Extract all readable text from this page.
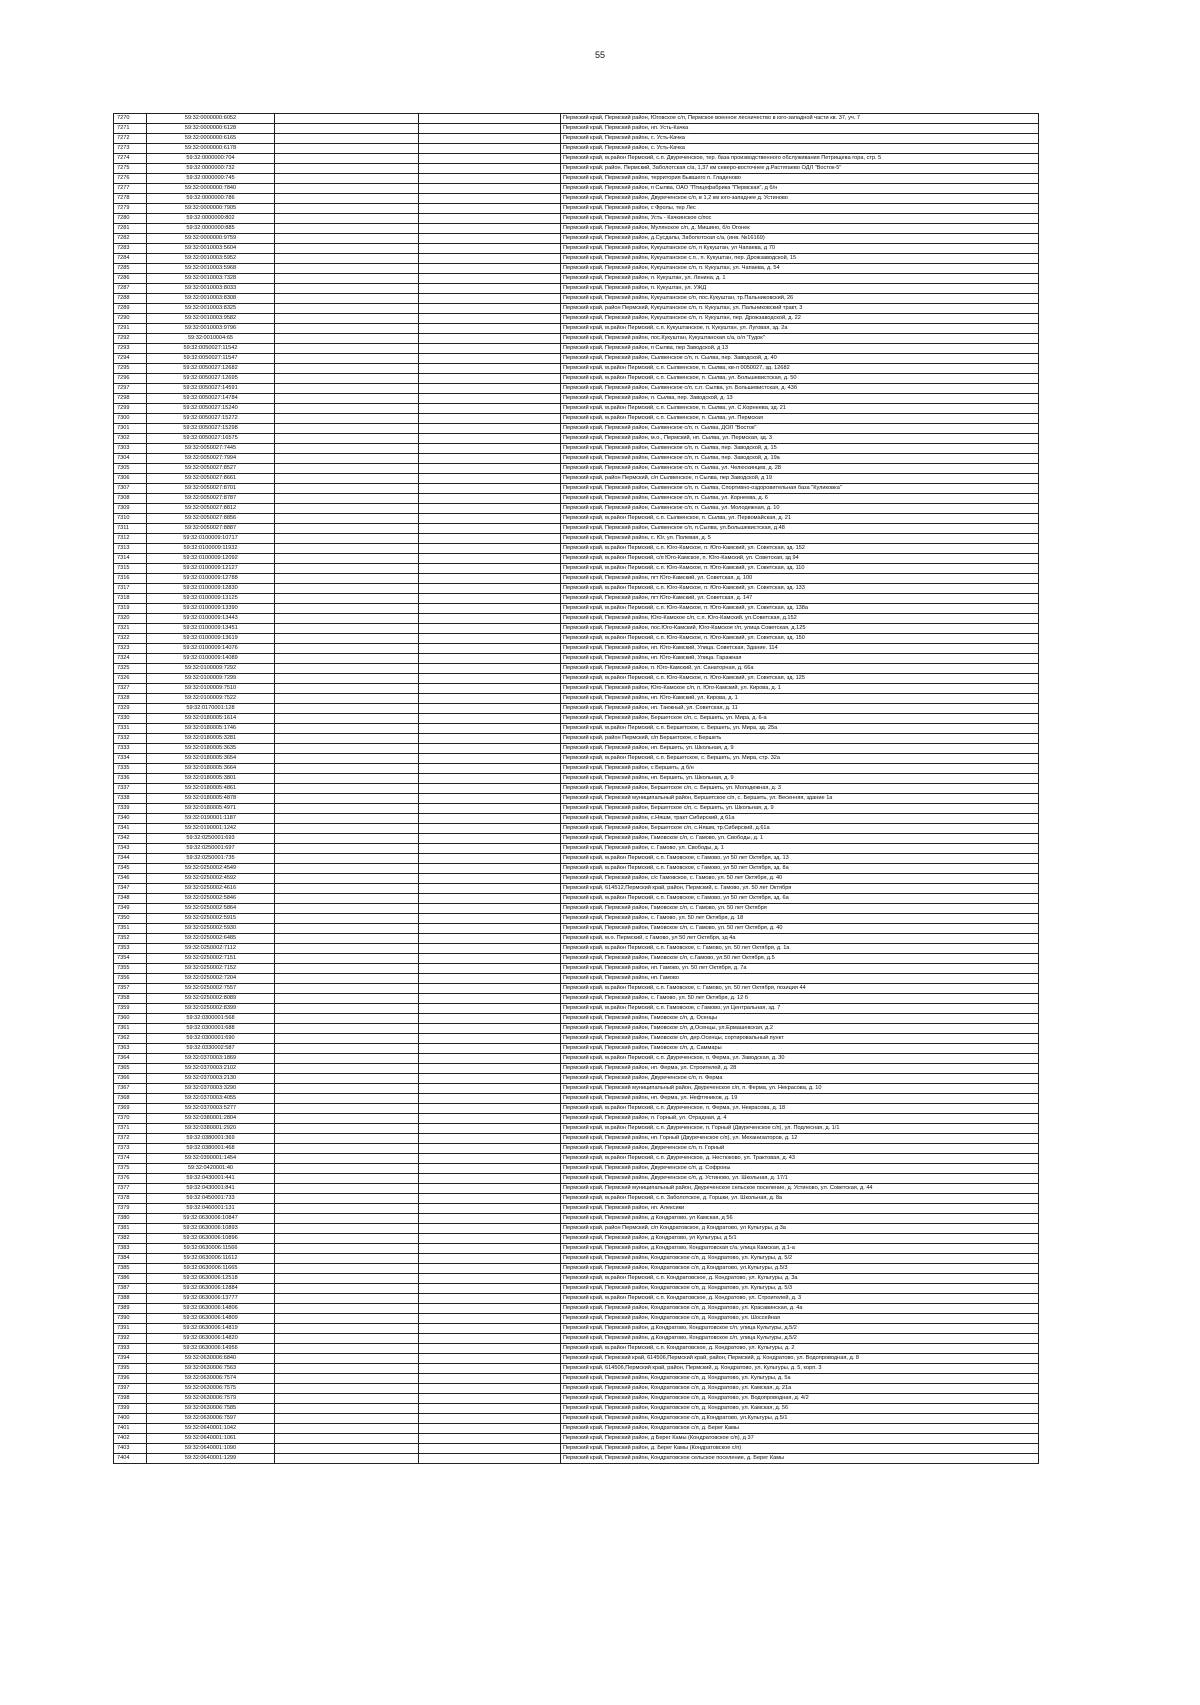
55
7270	59:32:0000000:6052			Пермский край, Пермский район, Юговское с/п, Пермское военное лесничество в юго-западной части кв. 37, уч. 7
7271	59:32:0000000:6128			Пермский край, Пермский район, нп. Усть-Качка
7272	59:32:0000000:6165			Пермский край, Пермский район, с. Усть-Качка
7273	59:32:0000000:6178			Пермский край, Пермский район, с. Усть-Качка
7274	59:32:0000000:704			Пермский край, м.район Пермский, с.п. Двуреченское, тер. база производственного обслуживания Петрищева гора, стр. 5
7275	59:32:0000000:732			Пермский край, район. Пермский, Заболотская с/а, 1,37 км северо-восточнее д.Растягаево ОДЛ "Восток-5"
7276	59:32:0000000:745			Пермский край, Пермский район, территория Бывшего п. Гладеново
7277	59:32:0000000:7840			Пермский край, Пермский район, п Сылва, ОАО "Птицефабрика "Пермская", д б/н
7278	59:32:0000000:786			Пермский край, Пермский район, Двуреченское с/п, в 1,2 км юго-западнее д. Устиново
7279	59:32:0000000:7905			Пермский край, Пермский район, с Фролы, тер Лес
7280	59:32:0000000:802			Пермский край, Пермский район, Усть - Качкинское с/пос
7281	59:32:0000000:885			Пермский край, Пермский район, Мулянское с/п, д. Мишино, б/о Огонек
7282	59:32:0000000:9759			Пермский край, Пермский район, д.Сусдалы, Заболотская с/а, (инв. №16169)
7283	59:32:0010003:5604			Пермский край, Пермский район, Кукуштанское с/п, п Кукуштан, ул Чапаева, д 70
7284	59:32:0010003:5952			Пермский край, Пермский район, Кукуштанское с.п., п. Кукуштан, пер. Дрожзаводской, 15
7285	59:32:0010003:5968			Пермский край, Пермский район, Кукуштанское с/п, п. Кукуштан, ул. Чапаева, д. 54
7286	59:32:0010003:7328			Пермский край, Пермский район, п. Кукуштан, ул. Ленина, д. 1
7287	59:32:0010003:8033			Пермский край, Пермский район, п. Кукуштан, ул. УЖД
7288	59:32:0010003:8308			Пермский край, Пермский район, Кукуштанское с/п, пос.Кукуштан, тр.Пальниковский, 26
7289	59:32:0010003:8325			Пермский край, район Пермский, Кукуштанское с/п, п. Кукуштан, ул. Пальниковский тракт, 3
7290	59:32:0010003:9582			Пермский край, Пермский район, Кукуштанское с/п, п. Кукуштан, пер. Дрожзаводской, д. 22
7291	59:32:0010003:9796			Пермский край, м.район Пермский, с.п. Кукуштанское, п. Кукуштан, ул. Луговая, зд. 2а
7292	59:32:0010004:65			Пермский край, Пермский район, пос.Кукуштан, Кукуштанская с/а, о/л "Гудок"
7293	59:32:0050027:11542			Пермский край, Пермский район, п Сылва, пер Заводской, д 13
7294	59:32:0050027:11547			Пермский край, Пермский район, Сылвенское с/п, п. Сылва, пер. Заводской, д. 40
7295	59:32:0050027:12682			Пермский край, м.район Пермский, с.п. Сылвенское, п. Сылва, кв-л 0050027, зд. 12682
7296	59:32:0050027:12695			Пермский край, м.район Пермский, с.п. Сылвенское, п. Сылва, ул. Большевистская, д. 50
7297	59:32:0050027:14591			Пермский край, Пермский район, Сылвенское с/п, с.п. Сылва, ул. Большевистская, д. 43б
7298	59:32:0050027:14784			Пермский край, Пермский район, п. Сылва, пер. Заводской, д. 13
7299	59:32:0050027:15240			Пермский край, м.район Пермский, с.п. Сылвенское, п. Сылва, ул. С.Корнеева, зд. 21
7300	59:32:0050027:15272			Пермский край, м.район Пермский, с.п. Сылвенское, п. Сылва, ул. Пермская
7301	59:32:0050027:15298			Пермский край, Пермский район, Сылвенское с/п, п. Сылва, ДОЛ "Восток"
7302	59:32:0050027:16575			Пермский край, Пермский район, м.о., Пермский, нп. Сылва, ул. Пермская, зд. 3
7303	59:32:0050027:7445			Пермский край, Пермский район, Сылвенское с/п, п. Сылва, пер. Заводской, д. 15
7304	59:32:0050027:7994			Пермский край, Пермский район, Сылвенское с/п, п. Сылва, пер. Заводской, д. 19а
7305	59:32:0050027:8527			Пермский край, Пермский район, Сылвенское с/п, п. Сылва, ул. Челюскинцев, д. 28
7306	59:32:0050027:8661			Пермский край, район Пермский, с/п Сылвенское, п Сылва, пер Заводской, д 19
7307	59:32:0050027:8701			Пермский край, Пермский район, Сылвенское с/п, п. Сылва, Спортивно-оздоровительная база "Куликовка"
7308	59:32:0050027:8787			Пермский край, Пермский район, Сылвенское с/п, п. Сылва, ул. Корнеева, д. 6
7309	59:32:0050027:8812			Пермский край, Пермский район, Сылвенское с/п, п. Сылва, ул. Молодежная, д. 10
7310	59:32:0050027:8856			Пермский край, м.район Пермский, с.п. Сылвенское, п. Сылва, ул. Первомайская, д. 21
7311	59:32:0050027:8887			Пермский край, Пермский район, Сылвенское с/п, п.Сылва, ул.Большевистская, д.48
7312	59:32:0100009:10717			Пермский край, Пермский район, с. Юг, ул. Полевая, д. 5
7313	59:32:0100009:11932			Пермский край, м.район Пермский, с.п. Юго-Камское, п. Юго-Камский, ул. Советская, зд. 152
7314	59:32:0100009:12092			Пермский край, м.район Пермский, с/п Юго-Камское, п. Юго-Камский, ул. Советская, зд 94
7315	59:32:0100009:12127			Пермский край, м.район Пермский, с.п. Юго-Камское, п. Юго-Камский, ул. Советская, зд. 110
7316	59:32:0100009:12788			Пермский край, Пермский район, пгт Юго-Камский, ул. Советская, д. 100
7317	59:32:0100009:12830			Пермский край, м.район Пермский, с.п. Юго-Камское, п. Юго-Камский, ул. Советская, зд. 133
7318	59:32:0100009:13125			Пермский край, Пермский район, пгт Юго-Камский, ул. Советская, д. 147
7319	59:32:0100009:13390			Пермский край, м.район Пермский, с.п. Юго-Камское, п. Юго-Камский, ул. Советская, зд. 138а
7320	59:32:0100009:13443			Пермский край, Пермский район, Юго-Камское с/п, с.п. Юго-Камский, ул.Советская, д.152
7321	59:32:0100009:13451			Пермский край, Пермский район, пос.Юго-Камский, Юго-Камское г/п, улица Советская, д.125
7322	59:32:0100009:13619			Пермский край, м.район Пермский, с.п. Юго-Камское, п. Юго-Камский, ул. Советская, зд. 150
7323	59:32:0100009:14076			Пермский край, Пермский район, нп. Юго-Камский, Улица. Советская, Здание. 114
7324	59:32:0100009:14089			Пермский край, Пермский район, нп. Юго-Камский, Улица. Гаражная
7325	59:32:0100009:7292			Пермский край, Пермский район, п. Юго-Камский, ул. Санаторная, д. 66а
7326	59:32:0100009:7299			Пермский край, м.район Пермский, с.п. Юго-Камское, п. Юго-Камский, ул. Советская, зд. 125
7327	59:32:0100009:7510			Пермский край, Пермский район, Юго-Камское с/п, п. Юго-Камский, ул. Кирова, д. 1
7328	59:32:0100009:7522			Пермский край, Пермский район, нп. Юго-Камский, ул. Кирова, д. 1
7329	59:32:0170001:128			Пермский край, Пермский район, нп. Таежный, ул. Советская, д. 11
7330	59:32:0180005:1614			Пермский край, Пермский район, Бершетское с/п, с. Бершеть, ул. Мира, д. 6-а
7331	59:32:0180005:1746			Пермский край, м.район Пермский, с.п. Бершетское, с. Бершеть, ул. Мира, зд. 25а
7332	59:32:0180005:3281			Пермский край, район Пермский, с/п Бершетское, с Бершеть
7333	59:32:0180005:3635			Пермский край, Пермский район, нп. Бершеть, ул. Школьная, д. 9
7334	59:32:0180005:3654			Пермский край, м.район Пермский, с.п. Бершетское, с. Бершеть, ул. Мира, стр. 32а
7335	59:32:0180005:3664			Пермский край, Пермский район, с Бершеть, д б/н
7336	59:32:0180005:3801			Пермский край, Пермский район, нп. Бершеть, ул. Школьная, д. 9
7337	59:32:0180005:4861			Пермский край, Пермский район, Бершетское с/п, с. Бершеть, ул. Молодежная, д. 3
7338	59:32:0180005:4878			Пермский край, Пермский муниципальный район, Бершетское с/п, с. Бершеть, ул. Весенняя, здание 1а
7339	59:32:0180005:4971			Пермский край, Пермский район, Бершетское с/п, с. Бершеть, ул. Школьная, д. 9
7340	59:32:0190001:1187			Пермский край, Пермский район, с.Няшм, тракт Сибирский, д 61а
7341	59:32:0190001:1242			Пермский край, Пермский район, Бершетское с/п, с.Няшм, тр.Сибирский, д.61а
7342	59:32:0250001:693			Пермский край, Пермский район, Гамовское с/п, с. Гамово, ул. Свободы, д. 1
7343	59:32:0250001:697			Пермский край, Пермский район, с. Гамово, ул. Свободы, д. 1
7344	59:32:0250001:735			Пермский край, м.район Пермский, с.п. Гамовское, с Гамово, ул 50 лет Октября, зд. 13
7345	59:32:0250002:4549			Пермский край, м.район Пермский, с.п. Гамовское, с Гамово, ул 50 лет Октября, зд. 8а
7346	59:32:0250002:4592			Пермский край, Пермский район, с/с Гамовское, с. Гамово, ул. 50 лет Октября, д. 40
7347	59:32:0250002:4616			Пермский край, 614512,Пермский край, район, Пермский, с. Гамово, ул. 50 лет Октября
7348	59:32:0250002:5846			Пермский край, м.район Пермский, с.п. Гамовское, с Гамово, ул 50 лет Октября, зд. 6а
7349	59:32:0250002:5864			Пермский край, Пермский район, Гамовское с/п, с. Гамово, ул. 50 лет Октября
7350	59:32:0250002:5915			Пермский край, Пермский район, с. Гамово, ул. 50 лет Октября, д. 18
7351	59:32:0250002:5930			Пермский край, Пермский район, Гамовское с/п, с. Гамово, ул. 50 лет Октября, д. 40
7352	59:32:0250002:6485			Пермский край, м.о. Пермский, с Гамово, ул 50 лет Октября, зд 4а
7353	59:32:0250002:7112			Пермский край, м.район Пермский, с.п. Гамовское, с. Гамово, ул. 50 лет Октября, д. 1а
7354	59:32:0250002:7151			Пермский край, Пермский район, Гамовское с/п, с.Гамово, ул.50 лет Октября, д.5
7355	59:32:0250002:7152			Пермский край, Пермский район, нп. Гамово, ул. 50 лет Октября, д. 7а
7356	59:32:0250002:7204			Пермский край, Пермский район, нп. Гамово
7357	59:32:0250002:7557			Пермский край, м.район Пермский, с.п. Гамовское, с. Гамово, ул. 50 лет Октября, позиция 44
7358	59:32:0250002:8089			Пермский край, Пермский район, с. Гамово, ул. 50 лет Октября, д. 12 б
7359	59:32:0250002:8399			Пермский край, м.район Пермский, с.п. Гамовское, с Гамово, ул Центральная, зд. 7
7360	59:32:0300001:568			Пермский край, Пермский район, Гамовское с/п, д. Осенцы
7361	59:32:0300001:688			Пермский край, Пермский район, Гамовское с/п, д.Осенцы, ул.Ермашевская, д.2
7362	59:32:0300001:690			Пермский край, Пермский район, Гамовское с/п, дер.Осенцы, сортировальный пункт
7363	59:32:0330002:587			Пермский край, Пермский район, Гамовское с/п, д. Саммары
7364	59:32:0370003:1869			Пермский край, м.район Пермский, с.п. Двуреченское, п. Ферма, ул. Заводская, д. 30
7365	59:32:0370003:2102			Пермский край, Пермский район, нп. Ферма, ул. Строителей, д. 28
7366	59:32:0370003:2130			Пермский край, Пермский район, Двуреченское с/п, п. Ферма
7367	59:32:0370003:3290			Пермский край, Пермский муниципальный район, Двуреченское с/п, п. Ферма, ул. Некрасова, д. 10
7368	59:32:0370003:4055			Пермский край, Пермский район, нп. Ферма, ул. Нефтяников, д. 19
7369	59:32:0370003:5277			Пермский край, м.район Пермский, с.п. Двуреченское, п. Ферма, ул. Некрасова, д. 18
7370	59:32:0380001:2804			Пермский край, Пермский район, п. Горный, ул. Отрадная, д. 4
7371	59:32:0380001:2920			Пермский край, м.район Пермский, с.п. Двуреченское, п. Горный (Двуреченское с/п), ул. Подлесная, д. 1/1
7372	59:32:0380001:369			Пермский край, Пермский район, нп. Горный (Двуреченское с/п), ул. Механизаторов, д. 12
7373	59:32:0380001:468			Пермский край, Пермский район, Двуреченское с/п, п. Горный
7374	59:32:0390001:1454			Пермский край, м.район Пермский, с.п. Двуреченское, д. Нестюково, ул. Трактовая, д. 43
7375	59:32:0420001:40			Пермский край, Пермский район, Двуреченское с/п, д. Софроны
7376	59:32:0430001:441			Пермский край, Пермский район, Двуреченское с/п, д. Устиново, ул. Школьная, д. 17/1
7377	59:32:0430001:841			Пермский край, Пермский муниципальный район, Двуреченское сельское поселение, д. Устиново, ул. Советская, д. 44
7378	59:32:0450001:733			Пермский край, м.район Пермский, с.п. Заболотское, д. Горшки, ул. Школьная, д. 8а
7379	59:32:0460001:131			Пермский край, Пермский район, нп. Алексики
7380	59:32:0630006:10847			Пермский край, Пермский район, д Кондратово, ул Камская, д 56
7381	59:32:0630006:10893			Пермский край, район Пермский, с/п Кондратовское, д Кондратово, ул Культуры, д 3а
7382	59:32:0630006:10896			Пермский край, Пермский район, д Кондратово, ул Культуры, д 5/1
7383	59:32:0630006:11566			Пермский край, Пермский район, д.Кондратово, Кондратовская с/а, улица Камская, д.1-а
7384	59:32:0630006:11612			Пермский край, Пермский район, Кондратовское с/п, д. Кондратово, ул. Культуры, д. 5/2
7385	59:32:0630006:11665			Пермский край, Пермский район, Кондратовское с/п, д.Кондратово, ул.Культуры, д.5/3
7386	59:32:0630006:12518			Пермский край, м.район Пермский, с.п. Кондратовское, д. Кондратово, ул. Культуры, д. 3а
7387	59:32:0630006:12884			Пермский край, Пермский район, Кондратовское с/п, д. Кондратово, ул. Культуры, д. 5/3
7388	59:32:0630006:13777			Пермский край, м.район Пермский, с.п. Кондратовское, д. Кондратово, ул. Строителей, д. 3
7389	59:32:0630006:14806			Пермский край, Пермский район, Кондратовское с/п, д. Кондратово, ул. Красавинская, д. 4а
7390	59:32:0630006:14809			Пермский край, Пермский район, Кондратовское с/п, д. Кондратово, ул. Шоссейная
7391	59:32:0630006:14819			Пермский край, Пермский район, д.Кондратово, Кондратовское с/п, улица Культуры, д.5/2
7392	59:32:0630006:14820			Пермский край, Пермский район, д.Кондратово, Кондратовское с/п, улица Культуры, д.5/2
7393	59:32:0630006:14956			Пермский край, м.район Пермский, с.п. Кондратовское, д. Кондратово, ул. Культуры, д. 2
7394	59:32:0630006:6840			Пермский край, Пермский край, 614506,Пермский край, район, Пермский, д. Кондратово, ул. Водопроводная, д. 8
7395	59:32:0630006:7563			Пермский край, 614506,Пермский край, район, Пермский, д. Кондратово, ул. Культуры, д. 5, корп. 3
7396	59:32:0630006:7574			Пермский край, Пермский район, Кондратовское с/п, д. Кондратово, ул. Культуры, д. 5а
7397	59:32:0630006:7575			Пермский край, Пермский район, Кондратовское с/п, д. Кондратово, ул. Камская, д. 21а
7398	59:32:0630006:7579			Пермский край, Пермский район, Кондратовское с/п, д. Кондратово, ул. Водопроводная, д. 4/2
7399	59:32:0630006:7585			Пермский край, Пермский район, Кондратовское с/п, д. Кондратово, ул. Камская, д. 56
7400	59:32:0630006:7597			Пермский край, Пермский район, Кондратовское с/п, д.Кондратово, ул.Культуры, д.5/1
7401	59:32:0640001:1042			Пермский край, Пермский район, Кондратовское с/п, д. Берег Камы
7402	59:32:0640001:1061			Пермский край, Пермский район, д Берег Камы (Кондратовское с/п), д 37
7403	59:32:0640001:1090			Пермский край, Пермский район, д. Берег Камы (Кондратовское с/п)
7404	59:32:0640001:1299			Пермский край, Пермский район, Кондратовское сельское поселение, д. Берег Камы
